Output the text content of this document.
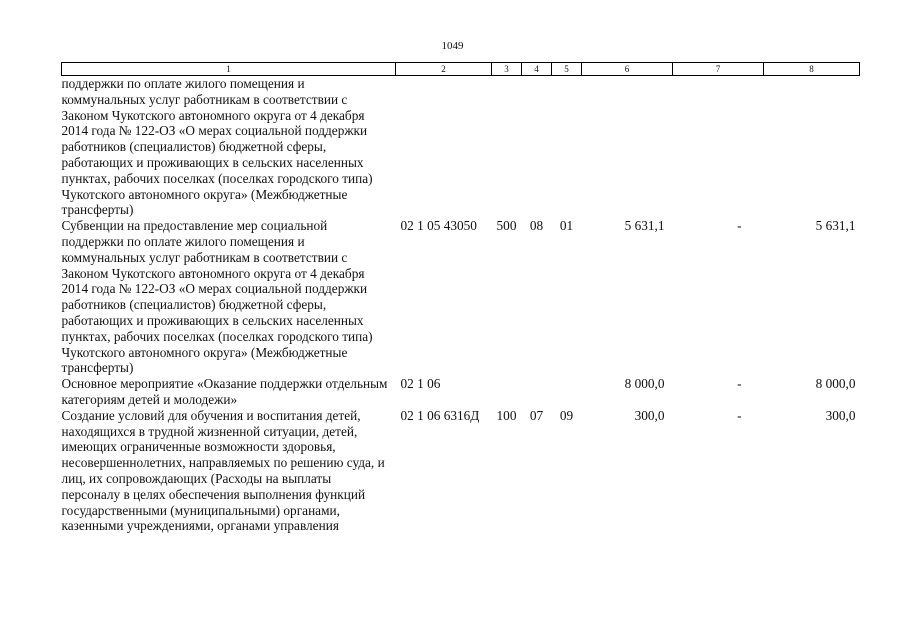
1049
1	2	3	4	5	6	7	8
поддержки по оплате жилого помещения и коммунальных услуг работникам в соответствии с Законом Чукотского автономного округа от 4 декабря 2014 года № 122-ОЗ «О мерах социальной поддержки работников (специалистов) бюджетной сферы, работающих и проживающих в сельских населенных пунктах, рабочих поселках (поселках городского типа) Чукотского автономного округа» (Межбюджетные трансферты)							
Субвенции на предоставление мер социальной поддержки по оплате жилого помещения и коммунальных услуг работникам в соответствии с Законом Чукотского автономного округа от 4 декабря 2014 года № 122-ОЗ «О мерах социальной поддержки работников (специалистов) бюджетной сферы, работающих и проживающих в сельских населенных пунктах, рабочих поселках (поселках городского типа) Чукотского автономного округа» (Межбюджетные трансферты)	02 1 05 43050	500	08	01	5 631,1	-	5 631,1
Основное мероприятие «Оказание поддержки отдельным категориям детей и молодежи»	02 1 06				8 000,0	-	8 000,0
Создание условий для обучения и воспитания детей, находящихся в трудной жизненной ситуации, детей, имеющих ограниченные возможности здоровья, несовершеннолетних, направляемых по решению суда, и лиц, их сопровождающих (Расходы на выплаты персоналу в целях обеспечения выполнения функций государственными (муниципальными) органами, казенными учреждениями, органами управления	02 1 06 6316Д	100	07	09	300,0	-	300,0
